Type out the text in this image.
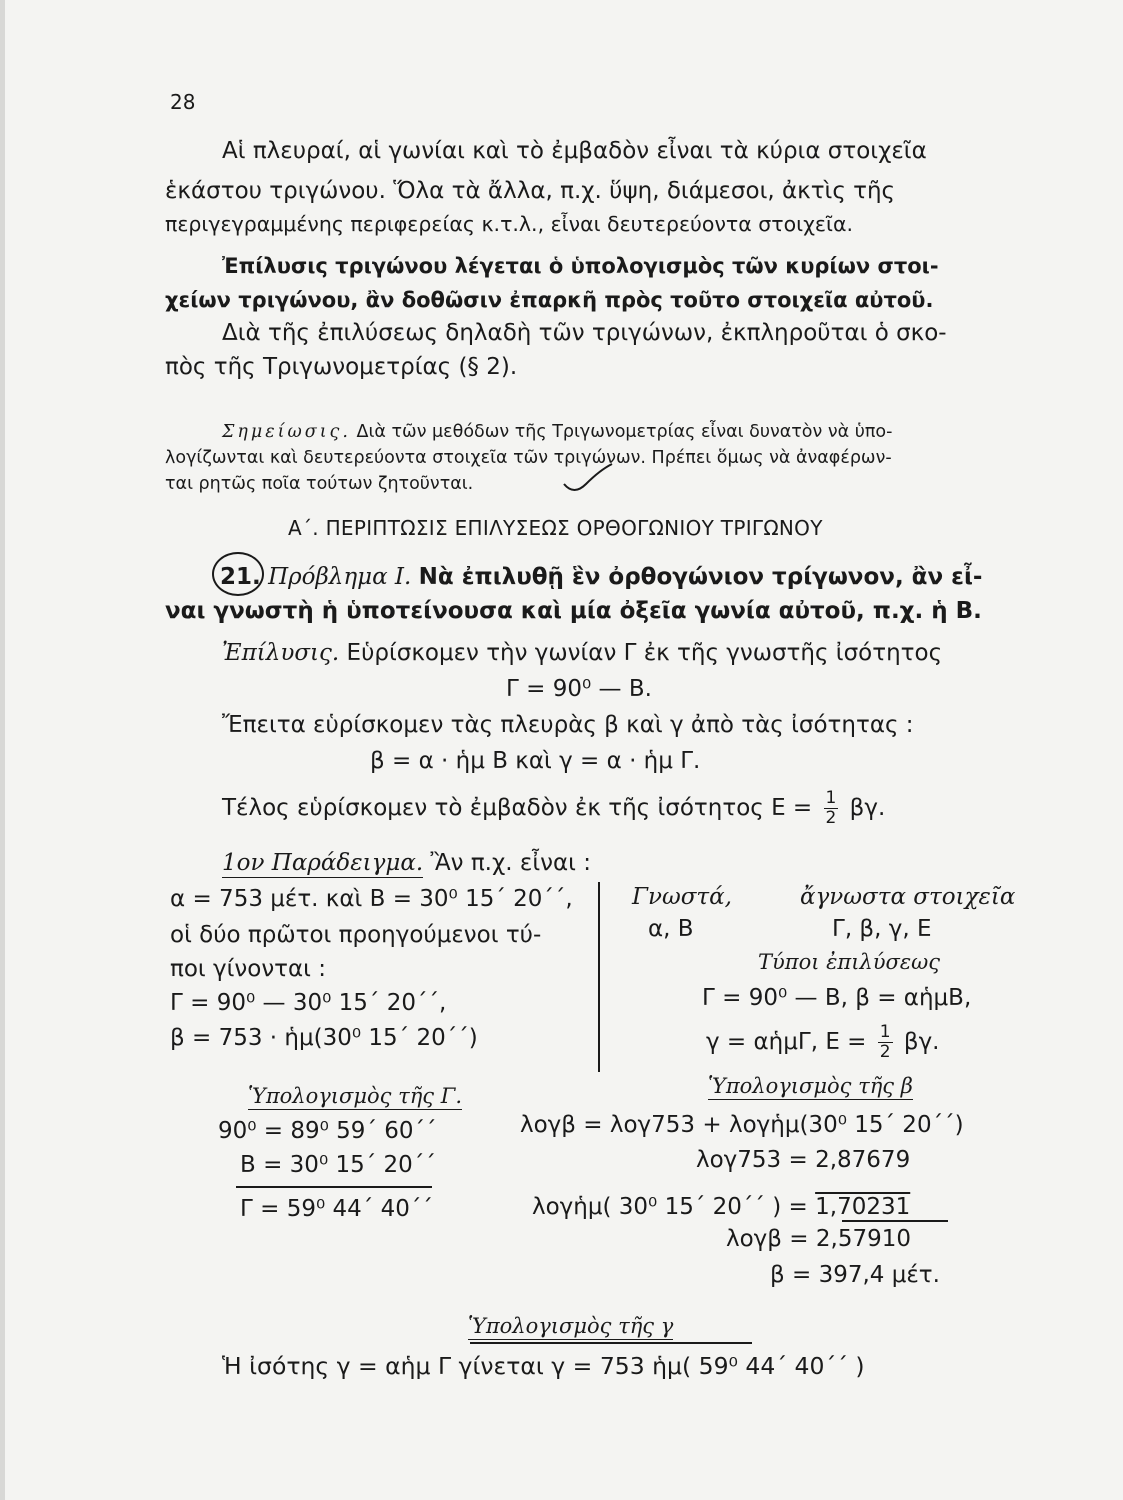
28
Αἱ πλευραί, αἱ γωνίαι καὶ τὸ ἐμβαδὸν εἶναι τὰ κύρια στοιχεῖα
ἑκάστου τριγώνου. Ὅλα τὰ ἄλλα, π.χ. ὕψη, διάμεσοι, ἀκτὶς τῆς
περιγεγραμμένης περιφερείας κ.τ.λ., εἶναι δευτερεύοντα στοιχεῖα.
Ἐπίλυσις τριγώνου λέγεται ὁ ὑπολογισμὸς τῶν κυρίων στοι-
χείων τριγώνου, ἂν δοθῶσιν ἐπαρκῆ πρὸς τοῦτο στοιχεῖα αὐτοῦ.
Διὰ τῆς ἐπιλύσεως δηλαδὴ τῶν τριγώνων, ἐκπληροῦται ὁ σκο-
πὸς τῆς Τριγωνομετρίας (§ 2).
Σημείωσις. Διὰ τῶν μεθόδων τῆς Τριγωνομετρίας εἶναι δυνατὸν νὰ ὑπο-
λογίζωνται καὶ δευτερεύοντα στοιχεῖα τῶν τριγώνων. Πρέπει ὅμως νὰ ἀναφέρων-
ται ρητῶς ποῖα τούτων ζητοῦνται.
Α΄. ΠΕΡΙΠΤΩΣΙΣ ΕΠΙΛΥΣΕΩΣ ΟΡΘΟΓΩΝΙΟΥ ΤΡΙΓΩΝΟΥ
21. Πρόβλημα Ι. Νὰ ἐπιλυθῇ ἓν ὀρθογώνιον τρίγωνον, ἂν εἶ-
ναι γνωστὴ ἡ ὑποτείνουσα καὶ μία ὀξεῖα γωνία αὐτοῦ, π.χ. ἡ Β.
Ἐπίλυσις. Εὑρίσκομεν τὴν γωνίαν Γ ἐκ τῆς γνωστῆς ἰσότητος
Γ = 90⁰ — Β.
Ἔπειτα εὑρίσκομεν τὰς πλευρὰς β καὶ γ ἀπὸ τὰς ἰσότητας :
β = α · ἡμ Β καὶ γ = α · ἡμ Γ.
Τέλος εὑρίσκομεν τὸ ἐμβαδὸν ἐκ τῆς ἰσότητος $E = \frac{1}{2} \beta\gamma$.
1ον Παράδειγμα. Ἂν π.χ. εἶναι :
α = 753 μέτ. καὶ Β = 30⁰ 15΄ 20΄΄,
οἱ δύο πρῶτοι προηγούμενοι τύ-
ποι γίνονται :
Γ = 90⁰ — 30⁰ 15΄ 20΄΄,
β = 753 · ἡμ(30⁰ 15΄ 20΄΄)
Γνωστά,	ἄγνωστα στοιχεῖα
α, Β	Γ, β, γ, Ε
Τύποι ἐπιλύσεως
Γ = 90⁰ — Β, β = αἡμΒ,
γ = αἡμΓ, $E = \frac{1}{2} \beta\gamma$.
Ὑπολογισμὸς τῆς Γ.
90⁰ = 89⁰ 59΄ 60΄΄
Β = 30⁰ 15΄ 20΄΄
Γ = 59⁰ 44΄ 40΄΄
Ὑπολογισμὸς τῆς β
λογβ = λογ753 + λογἡμ(30⁰ 15΄ 20΄΄)
λογ753 = 2,87679
λογἡμ( 30⁰ 15΄ 20΄΄ ) = 1,70231
λογβ = 2,57910
β = 397,4 μέτ.
Ὑπολογισμὸς τῆς γ
Ἡ ἰσότης γ = αἡμ Γ γίνεται γ = 753 ἡμ( 59⁰ 44΄ 40΄΄ )
